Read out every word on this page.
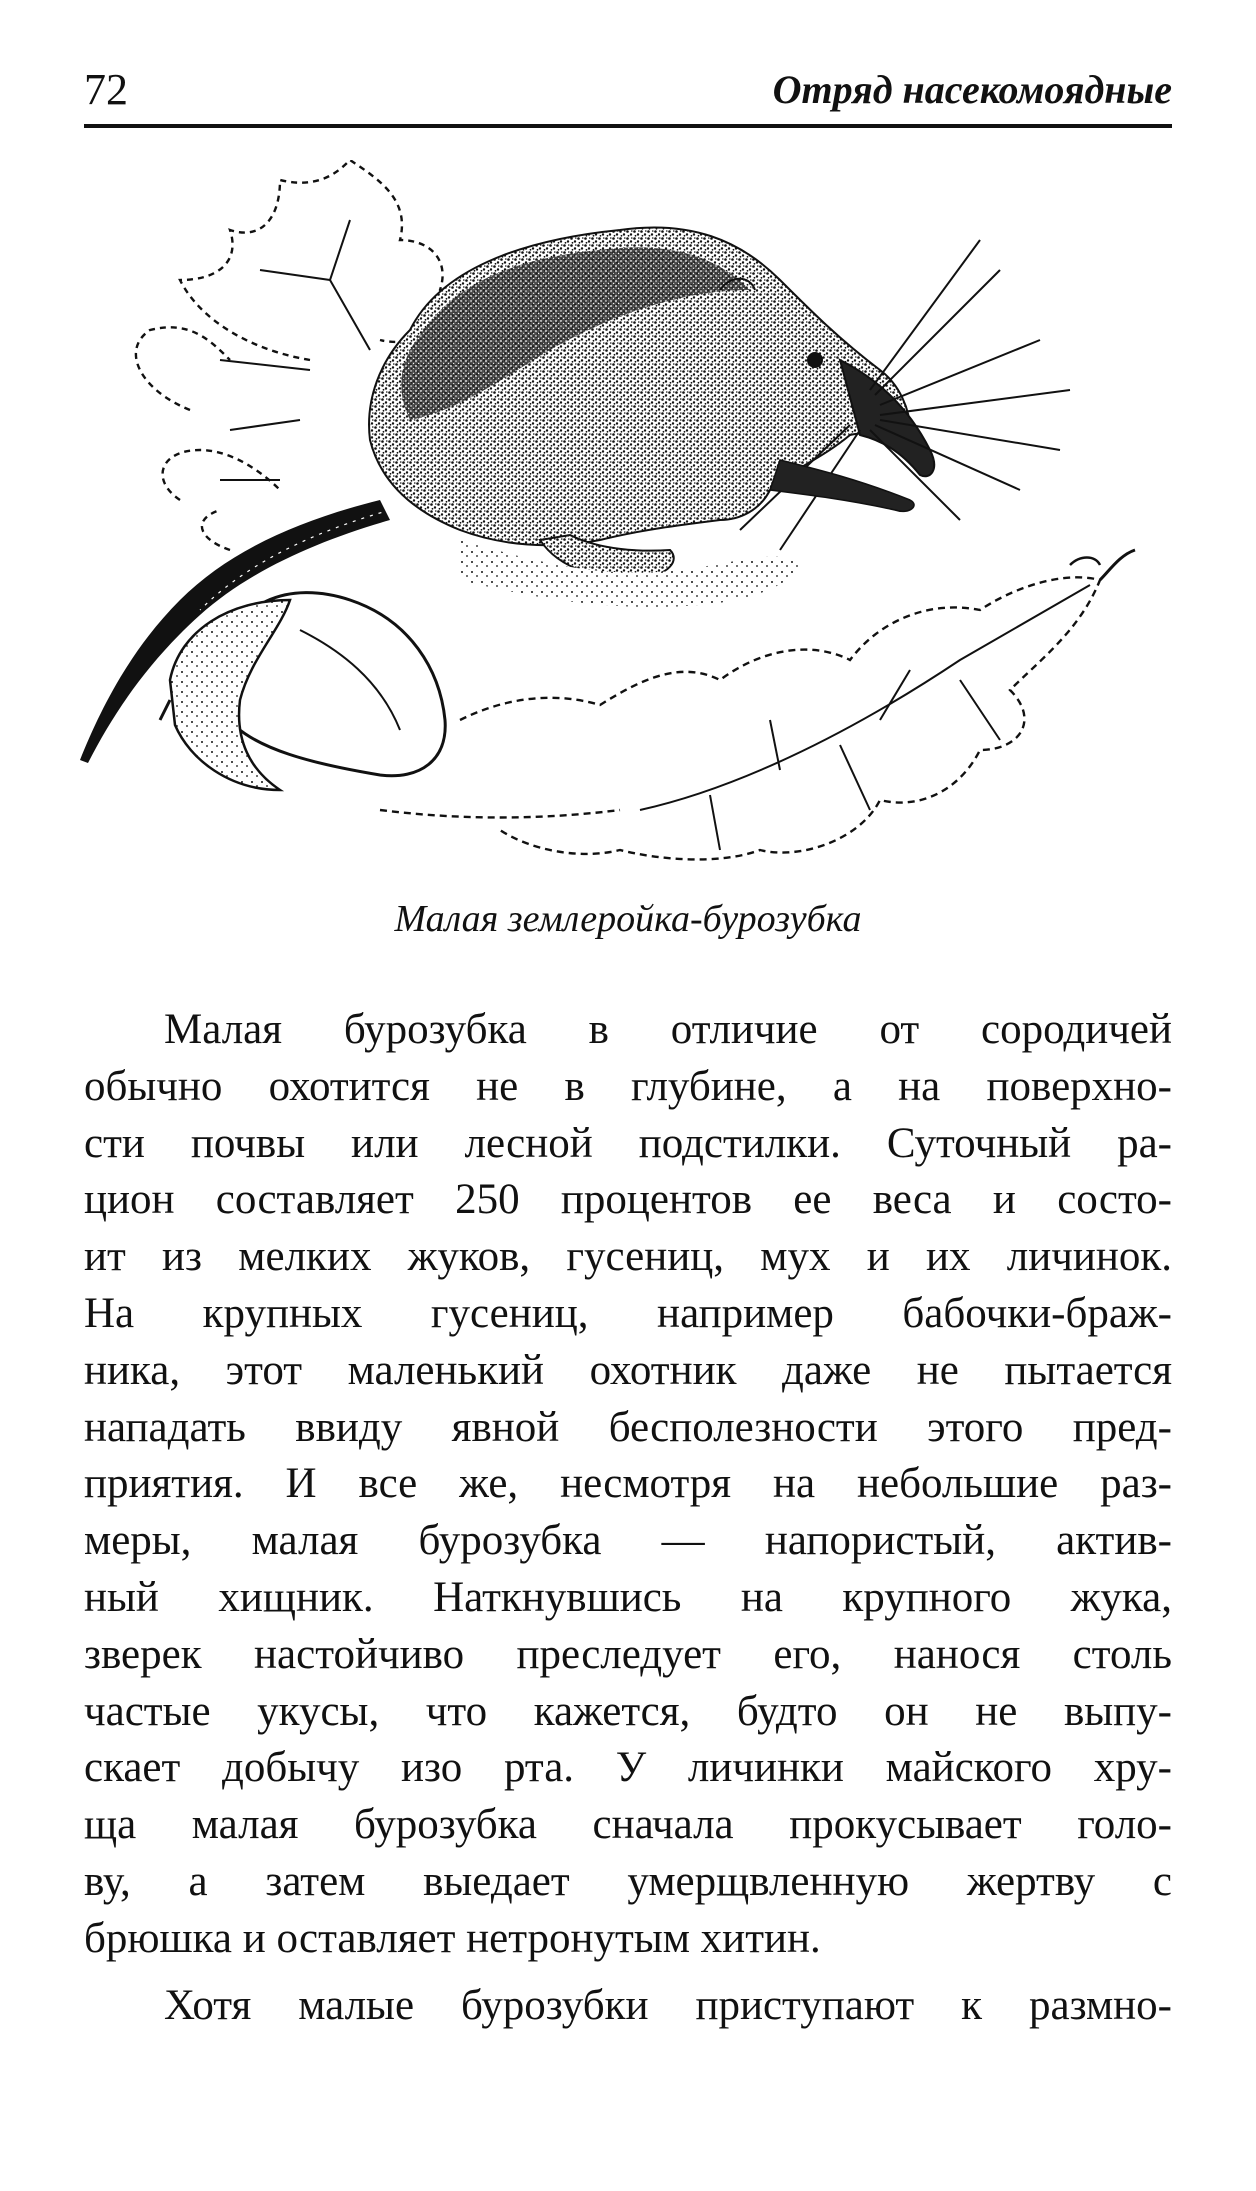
72	Отряд насекомоядные
Малая землеройка-бурозубка
Малая бурозубка в отличие от сородичей
обычно охотится не в глубине, а на поверхно-
сти почвы или лесной подстилки. Суточный ра-
цион составляет 250 процентов ее веса и состо-
ит из мелких жуков, гусениц, мух и их личинок.
На крупных гусениц, например бабочки-браж-
ника, этот маленький охотник даже не пытается
нападать ввиду явной бесполезности этого пред-
приятия. И все же, несмотря на небольшие раз-
меры, малая бурозубка — напористый, актив-
ный хищник. Наткнувшись на крупного жука,
зверек настойчиво преследует его, нанося столь
частые укусы, что кажется, будто он не выпу-
скает добычу изо рта. У личинки майского хру-
ща малая бурозубка сначала прокусывает голо-
ву, а затем выедает умерщвленную жертву с
брюшка и оставляет нетронутым хитин.
Хотя малые бурозубки приступают к размно-
